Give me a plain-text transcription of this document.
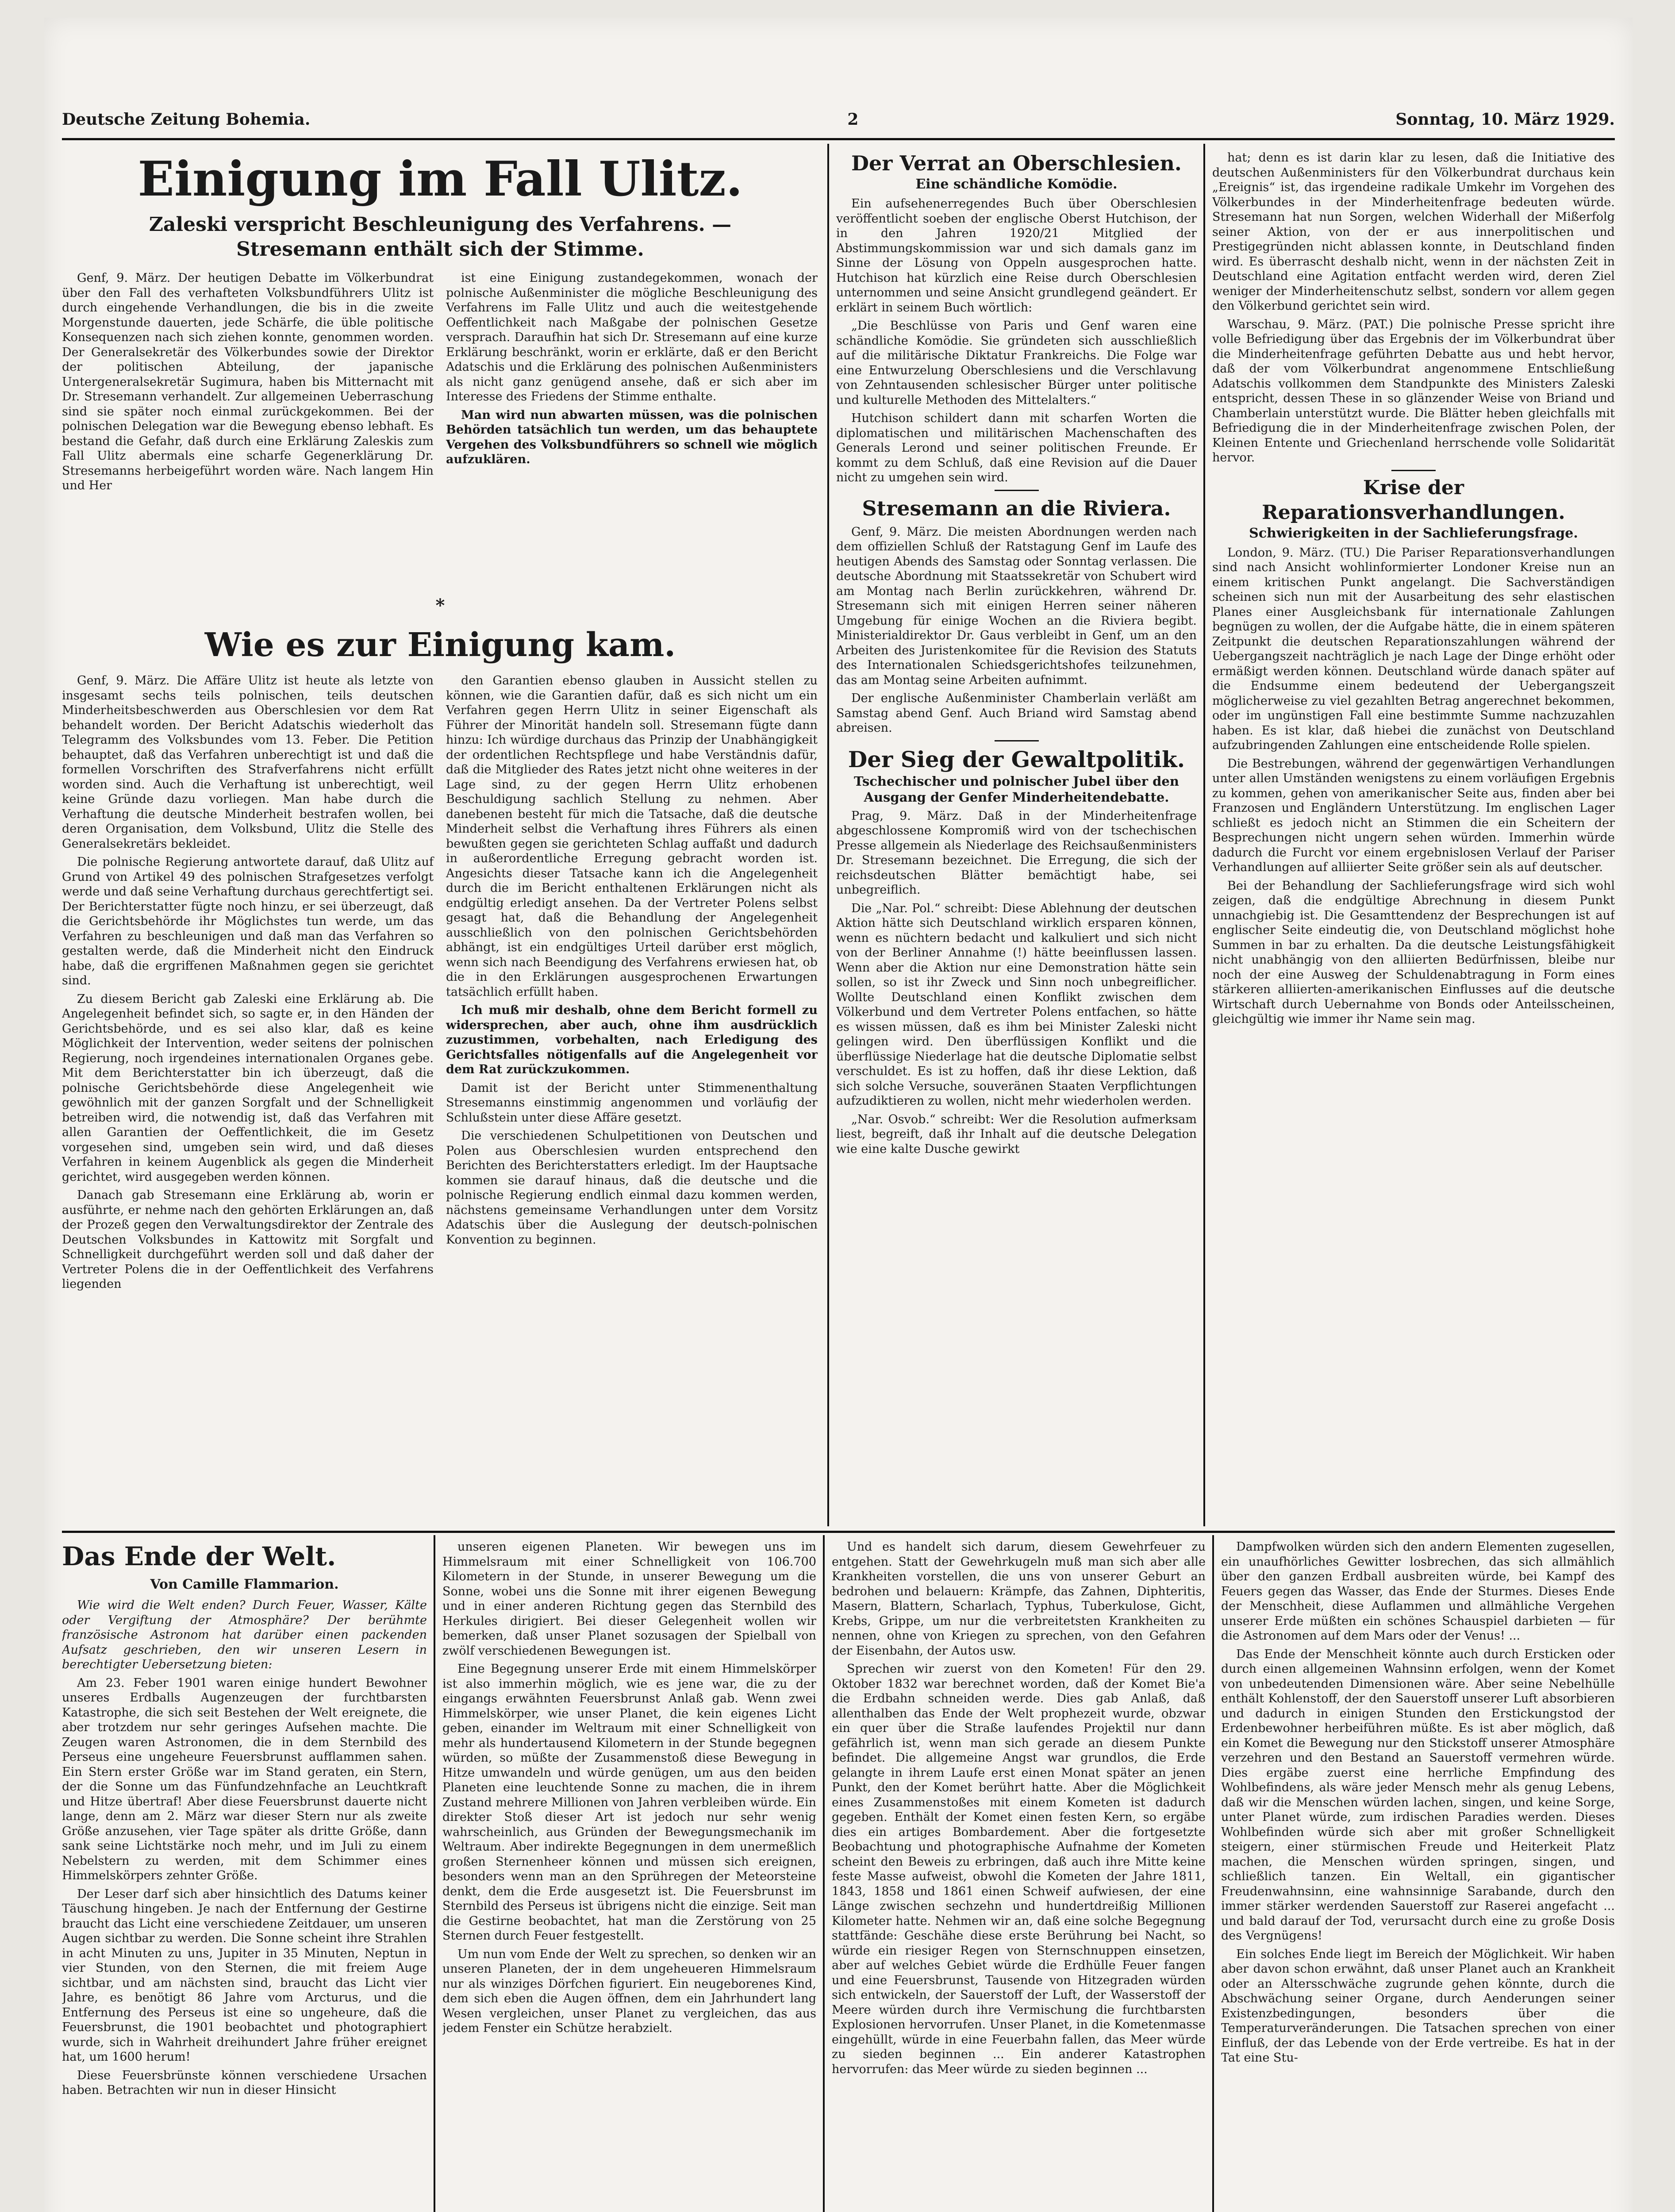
Deutsche Zeitung Bohemia.	2	Sonntag, 10. März 1929.
Einigung im Fall Ulitz.
Zaleski verspricht Beschleunigung des Verfahrens. — Stresemann enthält sich der Stimme.

Genf, 9. März. Der heutigen Debatte im Völkerbundrat über den Fall des verhafteten Volksbundführers Ulitz ist durch eingehende Verhandlungen, die bis in die zweite Morgenstunde dauerten, jede Schärfe, die üble politische Konsequenzen nach sich ziehen konnte, genommen worden. Der Generalsekretär des Völkerbundes sowie der Direktor der politischen Abteilung, der japanische Untergeneralsekretär Sugimura, haben bis Mitternacht mit Dr. Stresemann verhandelt. Zur allgemeinen Ueberraschung sind sie später noch einmal zurückgekommen. Bei der polnischen Delegation war die Bewegung ebenso lebhaft. Es bestand die Gefahr, daß durch eine Erklärung Zaleskis zum Fall Ulitz abermals eine scharfe Gegenerklärung Dr. Stresemanns herbeigeführt worden wäre. Nach langem Hin und Her

ist eine Einigung zustandegekommen, wonach der polnische Außenminister die mögliche Beschleunigung des Verfahrens im Falle Ulitz und auch die weitestgehende Oeffentlichkeit nach Maßgabe der polnischen Gesetze versprach. Daraufhin hat sich Dr. Stresemann auf eine kurze Erklärung beschränkt, worin er erklärte, daß er den Bericht Adatschis und die Erklärung des polnischen Außenministers als nicht ganz genügend ansehe, daß er sich aber im Interesse des Friedens der Stimme enthalte.

Man wird nun abwarten müssen, was die polnischen Behörden tatsächlich tun werden, um das behauptete Vergehen des Volksbundführers so schnell wie möglich aufzuklären.

*
Wie es zur Einigung kam.

Genf, 9. März. Die Affäre Ulitz ist heute als letzte von insgesamt sechs teils polnischen, teils deutschen Minderheitsbeschwerden aus Oberschlesien vor dem Rat behandelt worden. Der Bericht Adatschis wiederholt das Telegramm des Volksbundes vom 13. Feber. Die Petition behauptet, daß das Verfahren unberechtigt ist und daß die formellen Vorschriften des Strafverfahrens nicht erfüllt worden sind. Auch die Verhaftung ist unberechtigt, weil keine Gründe dazu vorliegen. Man habe durch die Verhaftung die deutsche Minderheit bestrafen wollen, bei deren Organisation, dem Volksbund, Ulitz die Stelle des Generalsekretärs bekleidet.

Die polnische Regierung antwortete darauf, daß Ulitz auf Grund von Artikel 49 des polnischen Strafgesetzes verfolgt werde und daß seine Verhaftung durchaus gerechtfertigt sei. Der Berichterstatter fügte noch hinzu, er sei überzeugt, daß die Gerichtsbehörde ihr Möglichstes tun werde, um das Verfahren zu beschleunigen und daß man das Verfahren so gestalten werde, daß die Minderheit nicht den Eindruck habe, daß die ergriffenen Maßnahmen gegen sie gerichtet sind.

Zu diesem Bericht gab Zaleski eine Erklärung ab. Die Angelegenheit befindet sich, so sagte er, in den Händen der Gerichtsbehörde, und es sei also klar, daß es keine Möglichkeit der Intervention, weder seitens der polnischen Regierung, noch irgendeines internationalen Organes gebe. Mit dem Berichterstatter bin ich überzeugt, daß die polnische Gerichtsbehörde diese Angelegenheit wie gewöhnlich mit der ganzen Sorgfalt und der Schnelligkeit betreiben wird, die notwendig ist, daß das Verfahren mit allen Garantien der Oeffentlichkeit, die im Gesetz vorgesehen sind, umgeben sein wird, und daß dieses Verfahren in keinem Augenblick als gegen die Minderheit gerichtet, wird ausgegeben werden können.

Danach gab Stresemann eine Erklärung ab, worin er ausführte, er nehme nach den gehörten Erklärungen an, daß der Prozeß gegen den Verwaltungsdirektor der Zentrale des Deutschen Volksbundes in Kattowitz mit Sorgfalt und Schnelligkeit durchgeführt werden soll und daß daher der Vertreter Polens die in der Oeffentlichkeit des Verfahrens liegenden

den Garantien ebenso glauben in Aussicht stellen zu können, wie die Garantien dafür, daß es sich nicht um ein Verfahren gegen Herrn Ulitz in seiner Eigenschaft als Führer der Minorität handeln soll. Stresemann fügte dann hinzu: Ich würdige durchaus das Prinzip der Unabhängigkeit der ordentlichen Rechtspflege und habe Verständnis dafür, daß die Mitglieder des Rates jetzt nicht ohne weiteres in der Lage sind, zu der gegen Herrn Ulitz erhobenen Beschuldigung sachlich Stellung zu nehmen. Aber danebenen besteht für mich die Tatsache, daß die deutsche Minderheit selbst die Verhaftung ihres Führers als einen bewußten gegen sie gerichteten Schlag auffaßt und dadurch in außerordentliche Erregung gebracht worden ist. Angesichts dieser Tatsache kann ich die Angelegenheit durch die im Bericht enthaltenen Erklärungen nicht als endgültig erledigt ansehen. Da der Vertreter Polens selbst gesagt hat, daß die Behandlung der Angelegenheit ausschließlich von den polnischen Gerichtsbehörden abhängt, ist ein endgültiges Urteil darüber erst möglich, wenn sich nach Beendigung des Verfahrens erwiesen hat, ob die in den Erklärungen ausgesprochenen Erwartungen tatsächlich erfüllt haben.

Ich muß mir deshalb, ohne dem Bericht formell zu widersprechen, aber auch, ohne ihm ausdrücklich zuzustimmen, vorbehalten, nach Erledigung des Gerichtsfalles nötigenfalls auf die Angelegenheit vor dem Rat zurückzukommen.

Damit ist der Bericht unter Stimmenenthaltung Stresemanns einstimmig angenommen und vorläufig der Schlußstein unter diese Affäre gesetzt.

Die verschiedenen Schulpetitionen von Deutschen und Polen aus Oberschlesien wurden entsprechend den Berichten des Berichterstatters erledigt. Im der Hauptsache kommen sie darauf hinaus, daß die deutsche und die polnische Regierung endlich einmal dazu kommen werden, nächstens gemeinsame Verhandlungen unter dem Vorsitz Adatschis über die Auslegung der deutsch-polnischen Konvention zu beginnen.

Der Verrat an Oberschlesien.
Eine schändliche Komödie.

Ein aufsehenerregendes Buch über Oberschlesien veröffentlicht soeben der englische Oberst Hutchison, der in den Jahren 1920/21 Mitglied der Abstimmungskommission war und sich damals ganz im Sinne der Lösung von Oppeln ausgesprochen hatte. Hutchison hat kürzlich eine Reise durch Oberschlesien unternommen und seine Ansicht grundlegend geändert. Er erklärt in seinem Buch wörtlich:

„Die Beschlüsse von Paris und Genf waren eine schändliche Komödie. Sie gründeten sich ausschließlich auf die militärische Diktatur Frankreichs. Die Folge war eine Entwurzelung Oberschlesiens und die Verschlavung von Zehntausenden schlesischer Bürger unter politische und kulturelle Methoden des Mittelalters.“

Hutchison schildert dann mit scharfen Worten die diplomatischen und militärischen Machenschaften des Generals Lerond und seiner politischen Freunde. Er kommt zu dem Schluß, daß eine Revision auf die Dauer nicht zu umgehen sein wird.

Stresemann an die Riviera.

Genf, 9. März. Die meisten Abordnungen werden nach dem offiziellen Schluß der Ratstagung Genf im Laufe des heutigen Abends des Samstag oder Sonntag verlassen. Die deutsche Abordnung mit Staatssekretär von Schubert wird am Montag nach Berlin zurückkehren, während Dr. Stresemann sich mit einigen Herren seiner näheren Umgebung für einige Wochen an die Riviera begibt. Ministerialdirektor Dr. Gaus verbleibt in Genf, um an den Arbeiten des Juristenkomitee für die Revision des Statuts des Internationalen Schiedsgerichtshofes teilzunehmen, das am Montag seine Arbeiten aufnimmt.

Der englische Außenminister Chamberlain verläßt am Samstag abend Genf. Auch Briand wird Samstag abend abreisen.

Der Sieg der Gewaltpolitik.
Tschechischer und polnischer Jubel über den Ausgang der Genfer Minderheitendebatte.

Prag, 9. März. Daß in der Minderheitenfrage abgeschlossene Kompromiß wird von der tschechischen Presse allgemein als Niederlage des Reichsaußenministers Dr. Stresemann bezeichnet. Die Erregung, die sich der reichsdeutschen Blätter bemächtigt habe, sei unbegreiflich.

Die „Nar. Pol.“ schreibt: Diese Ablehnung der deutschen Aktion hätte sich Deutschland wirklich ersparen können, wenn es nüchtern bedacht und kalkuliert und sich nicht von der Berliner Annahme (!) hätte beeinflussen lassen. Wenn aber die Aktion nur eine Demonstration hätte sein sollen, so ist ihr Zweck und Sinn noch unbegreiflicher. Wollte Deutschland einen Konflikt zwischen dem Völkerbund und dem Vertreter Polens entfachen, so hätte es wissen müssen, daß es ihm bei Minister Zaleski nicht gelingen wird. Den überflüssigen Konflikt und die überflüssige Niederlage hat die deutsche Diplomatie selbst verschuldet. Es ist zu hoffen, daß ihr diese Lektion, daß sich solche Versuche, souveränen Staaten Verpflichtungen aufzudiktieren zu wollen, nicht mehr wiederholen werden.

„Nar. Osvob.“ schreibt: Wer die Resolution aufmerksam liest, begreift, daß ihr Inhalt auf die deutsche Delegation wie eine kalte Dusche gewirkt

hat; denn es ist darin klar zu lesen, daß die Initiative des deutschen Außenministers für den Völkerbundrat durchaus kein „Ereignis“ ist, das irgendeine radikale Umkehr im Vorgehen des Völkerbundes in der Minderheitenfrage bedeuten würde. Stresemann hat nun Sorgen, welchen Widerhall der Mißerfolg seiner Aktion, von der er aus innerpolitischen und Prestigegründen nicht ablassen konnte, in Deutschland finden wird. Es überrascht deshalb nicht, wenn in der nächsten Zeit in Deutschland eine Agitation entfacht werden wird, deren Ziel weniger der Minderheitenschutz selbst, sondern vor allem gegen den Völkerbund gerichtet sein wird.

Warschau, 9. März. (PAT.) Die polnische Presse spricht ihre volle Befriedigung über das Ergebnis der im Völkerbundrat über die Minderheitenfrage geführten Debatte aus und hebt hervor, daß der vom Völkerbundrat angenommene Entschließung Adatschis vollkommen dem Standpunkte des Ministers Zaleski entspricht, dessen These in so glänzender Weise von Briand und Chamberlain unterstützt wurde. Die Blätter heben gleichfalls mit Befriedigung die in der Minderheitenfrage zwischen Polen, der Kleinen Entente und Griechenland herrschende volle Solidarität hervor.

Krise der Reparationsverhandlungen.
Schwierigkeiten in der Sachlieferungsfrage.

London, 9. März. (TU.) Die Pariser Reparationsverhandlungen sind nach Ansicht wohlinformierter Londoner Kreise nun an einem kritischen Punkt angelangt. Die Sachverständigen scheinen sich nun mit der Ausarbeitung des sehr elastischen Planes einer Ausgleichsbank für internationale Zahlungen begnügen zu wollen, der die Aufgabe hätte, die in einem späteren Zeitpunkt die deutschen Reparationszahlungen während der Uebergangszeit nachträglich je nach Lage der Dinge erhöht oder ermäßigt werden können. Deutschland würde danach später auf die Endsumme einem bedeutend der Uebergangszeit möglicherweise zu viel gezahlten Betrag angerechnet bekommen, oder im ungünstigen Fall eine bestimmte Summe nachzuzahlen haben. Es ist klar, daß hiebei die zunächst von Deutschland aufzubringenden Zahlungen eine entscheidende Rolle spielen.

Die Bestrebungen, während der gegenwärtigen Verhandlungen unter allen Umständen wenigstens zu einem vorläufigen Ergebnis zu kommen, gehen von amerikanischer Seite aus, finden aber bei Franzosen und Engländern Unterstützung. Im englischen Lager schließt es jedoch nicht an Stimmen die ein Scheitern der Besprechungen nicht ungern sehen würden. Immerhin würde dadurch die Furcht vor einem ergebnislosen Verlauf der Pariser Verhandlungen auf alliierter Seite größer sein als auf deutscher.

Bei der Behandlung der Sachlieferungsfrage wird sich wohl zeigen, daß die endgültige Abrechnung in diesem Punkt unnachgiebig ist. Die Gesamttendenz der Besprechungen ist auf englischer Seite eindeutig die, von Deutschland möglichst hohe Summen in bar zu erhalten. Da die deutsche Leistungsfähigkeit nicht unabhängig von den alliierten Bedürfnissen, bleibe nur noch der eine Ausweg der Schuldenabtragung in Form eines stärkeren alliierten-amerikanischen Einflusses auf die deutsche Wirtschaft durch Uebernahme von Bonds oder Anteilsscheinen, gleichgültig wie immer ihr Name sein mag.

Das Ende der Welt.
Von Camille Flammarion.

Wie wird die Welt enden? Durch Feuer, Wasser, Kälte oder Vergiftung der Atmosphäre? Der berühmte französische Astronom hat darüber einen packenden Aufsatz geschrieben, den wir unseren Lesern in berechtigter Uebersetzung bieten:

Am 23. Feber 1901 waren einige hundert Bewohner unseres Erdballs Augenzeugen der furchtbarsten Katastrophe, die sich seit Bestehen der Welt ereignete, die aber trotzdem nur sehr geringes Aufsehen machte. Die Zeugen waren Astronomen, die in dem Sternbild des Perseus eine ungeheure Feuersbrunst aufflammen sahen. Ein Stern erster Größe war im Stand geraten, ein Stern, der die Sonne um das Fünfundzehnfache an Leuchtkraft und Hitze übertraf! Aber diese Feuersbrunst dauerte nicht lange, denn am 2. März war dieser Stern nur als zweite Größe anzusehen, vier Tage später als dritte Größe, dann sank seine Lichtstärke noch mehr, und im Juli zu einem Nebelstern zu werden, mit dem Schimmer eines Himmelskörpers zehnter Größe.

Der Leser darf sich aber hinsichtlich des Datums keiner Täuschung hingeben. Je nach der Entfernung der Gestirne braucht das Licht eine verschiedene Zeitdauer, um unseren Augen sichtbar zu werden. Die Sonne scheint ihre Strahlen in acht Minuten zu uns, Jupiter in 35 Minuten, Neptun in vier Stunden, von den Sternen, die mit freiem Auge sichtbar, und am nächsten sind, braucht das Licht vier Jahre, es benötigt 86 Jahre vom Arcturus, und die Entfernung des Perseus ist eine so ungeheure, daß die Feuersbrunst, die 1901 beobachtet und photographiert wurde, sich in Wahrheit dreihundert Jahre früher ereignet hat, um 1600 herum!

Diese Feuersbrünste können verschiedene Ursachen haben. Betrachten wir nun in dieser Hinsicht

unseren eigenen Planeten. Wir bewegen uns im Himmelsraum mit einer Schnelligkeit von 106.700 Kilometern in der Stunde, in unserer Bewegung um die Sonne, wobei uns die Sonne mit ihrer eigenen Bewegung und in einer anderen Richtung gegen das Sternbild des Herkules dirigiert. Bei dieser Gelegenheit wollen wir bemerken, daß unser Planet sozusagen der Spielball von zwölf verschiedenen Bewegungen ist.

Eine Begegnung unserer Erde mit einem Himmelskörper ist also immerhin möglich, wie es jene war, die zu der eingangs erwähnten Feuersbrunst Anlaß gab. Wenn zwei Himmelskörper, wie unser Planet, die kein eigenes Licht geben, einander im Weltraum mit einer Schnelligkeit von mehr als hundertausend Kilometern in der Stunde begegnen würden, so müßte der Zusammenstoß diese Bewegung in Hitze umwandeln und würde genügen, um aus den beiden Planeten eine leuchtende Sonne zu machen, die in ihrem Zustand mehrere Millionen von Jahren verbleiben würde. Ein direkter Stoß dieser Art ist jedoch nur sehr wenig wahrscheinlich, aus Gründen der Bewegungsmechanik im Weltraum. Aber indirekte Begegnungen in dem unermeßlich großen Sternenheer können und müssen sich ereignen, besonders wenn man an den Sprühregen der Meteorsteine denkt, dem die Erde ausgesetzt ist. Die Feuersbrunst im Sternbild des Perseus ist übrigens nicht die einzige. Seit man die Gestirne beobachtet, hat man die Zerstörung von 25 Sternen durch Feuer festgestellt.

Um nun vom Ende der Welt zu sprechen, so denken wir an unseren Planeten, der in dem ungeheueren Himmelsraum nur als winziges Dörfchen figuriert. Ein neugeborenes Kind, dem sich eben die Augen öffnen, dem ein Jahrhundert lang Wesen vergleichen, unser Planet zu vergleichen, das aus jedem Fenster ein Schütze herabzielt.

Und es handelt sich darum, diesem Gewehrfeuer zu entgehen. Statt der Gewehrkugeln muß man sich aber alle Krankheiten vorstellen, die uns von unserer Geburt an bedrohen und belauern: Krämpfe, das Zahnen, Diphteritis, Masern, Blattern, Scharlach, Typhus, Tuberkulose, Gicht, Krebs, Grippe, um nur die verbreitetsten Krankheiten zu nennen, ohne von Kriegen zu sprechen, von den Gefahren der Eisenbahn, der Autos usw.

Sprechen wir zuerst von den Kometen! Für den 29. Oktober 1832 war berechnet worden, daß der Komet Bie'a die Erdbahn schneiden werde. Dies gab Anlaß, daß allenthalben das Ende der Welt prophezeit wurde, obzwar ein quer über die Straße laufendes Projektil nur dann gefährlich ist, wenn man sich gerade an diesem Punkte befindet. Die allgemeine Angst war grundlos, die Erde gelangte in ihrem Laufe erst einen Monat später an jenen Punkt, den der Komet berührt hatte. Aber die Möglichkeit eines Zusammenstoßes mit einem Kometen ist dadurch gegeben. Enthält der Komet einen festen Kern, so ergäbe dies ein artiges Bombardement. Aber die fortgesetzte Beobachtung und photographische Aufnahme der Kometen scheint den Beweis zu erbringen, daß auch ihre Mitte keine feste Masse aufweist, obwohl die Kometen der Jahre 1811, 1843, 1858 und 1861 einen Schweif aufwiesen, der eine Länge zwischen sechzehn und hundertdreißig Millionen Kilometer hatte. Nehmen wir an, daß eine solche Begegnung stattfände: Geschähe diese erste Berührung bei Nacht, so würde ein riesiger Regen von Sternschnuppen einsetzen, aber auf welches Gebiet würde die Erdhülle Feuer fangen und eine Feuersbrunst, Tausende von Hitzegraden würden sich entwickeln, der Sauerstoff der Luft, der Wasserstoff der Meere würden durch ihre Vermischung die furchtbarsten Explosionen hervorrufen. Unser Planet, in die Kometenmasse eingehüllt, würde in eine Feuerbahn fallen, das Meer würde zu sieden beginnen ... Ein anderer Katastrophen hervorrufen: das Meer würde zu sieden beginnen ...

Dampfwolken würden sich den andern Elementen zugesellen, ein unaufhörliches Gewitter losbrechen, das sich allmählich über den ganzen Erdball ausbreiten würde, bei Kampf des Feuers gegen das Wasser, das Ende der Sturmes. Dieses Ende der Menschheit, diese Auflammen und allmähliche Vergehen unserer Erde müßten ein schönes Schauspiel darbieten — für die Astronomen auf dem Mars oder der Venus! ...

Das Ende der Menschheit könnte auch durch Ersticken oder durch einen allgemeinen Wahnsinn erfolgen, wenn der Komet von unbedeutenden Dimensionen wäre. Aber seine Nebelhülle enthält Kohlenstoff, der den Sauerstoff unserer Luft absorbieren und dadurch in einigen Stunden den Erstickungstod der Erdenbewohner herbeiführen müßte. Es ist aber möglich, daß ein Komet die Bewegung nur den Stickstoff unserer Atmosphäre verzehren und den Bestand an Sauerstoff vermehren würde. Dies ergäbe zuerst eine herrliche Empfindung des Wohlbefindens, als wäre jeder Mensch mehr als genug Lebens, daß wir die Menschen würden lachen, singen, und keine Sorge, unter Planet würde, zum irdischen Paradies werden. Dieses Wohlbefinden würde sich aber mit großer Schnelligkeit steigern, einer stürmischen Freude und Heiterkeit Platz machen, die Menschen würden springen, singen, und schließlich tanzen. Ein Weltall, ein gigantischer Freudenwahnsinn, eine wahnsinnige Sarabande, durch den immer stärker werdenden Sauerstoff zur Raserei angefacht ... und bald darauf der Tod, verursacht durch eine zu große Dosis des Vergnügens!

Ein solches Ende liegt im Bereich der Möglichkeit. Wir haben aber davon schon erwähnt, daß unser Planet auch an Krankheit oder an Altersschwäche zugrunde gehen könnte, durch die Abschwächung seiner Organe, durch Aenderungen seiner Existenzbedingungen, besonders über die Temperaturveränderungen. Die Tatsachen sprechen von einer Einfluß, der das Lebende von der Erde vertreibe. Es hat in der Tat eine Stu-
